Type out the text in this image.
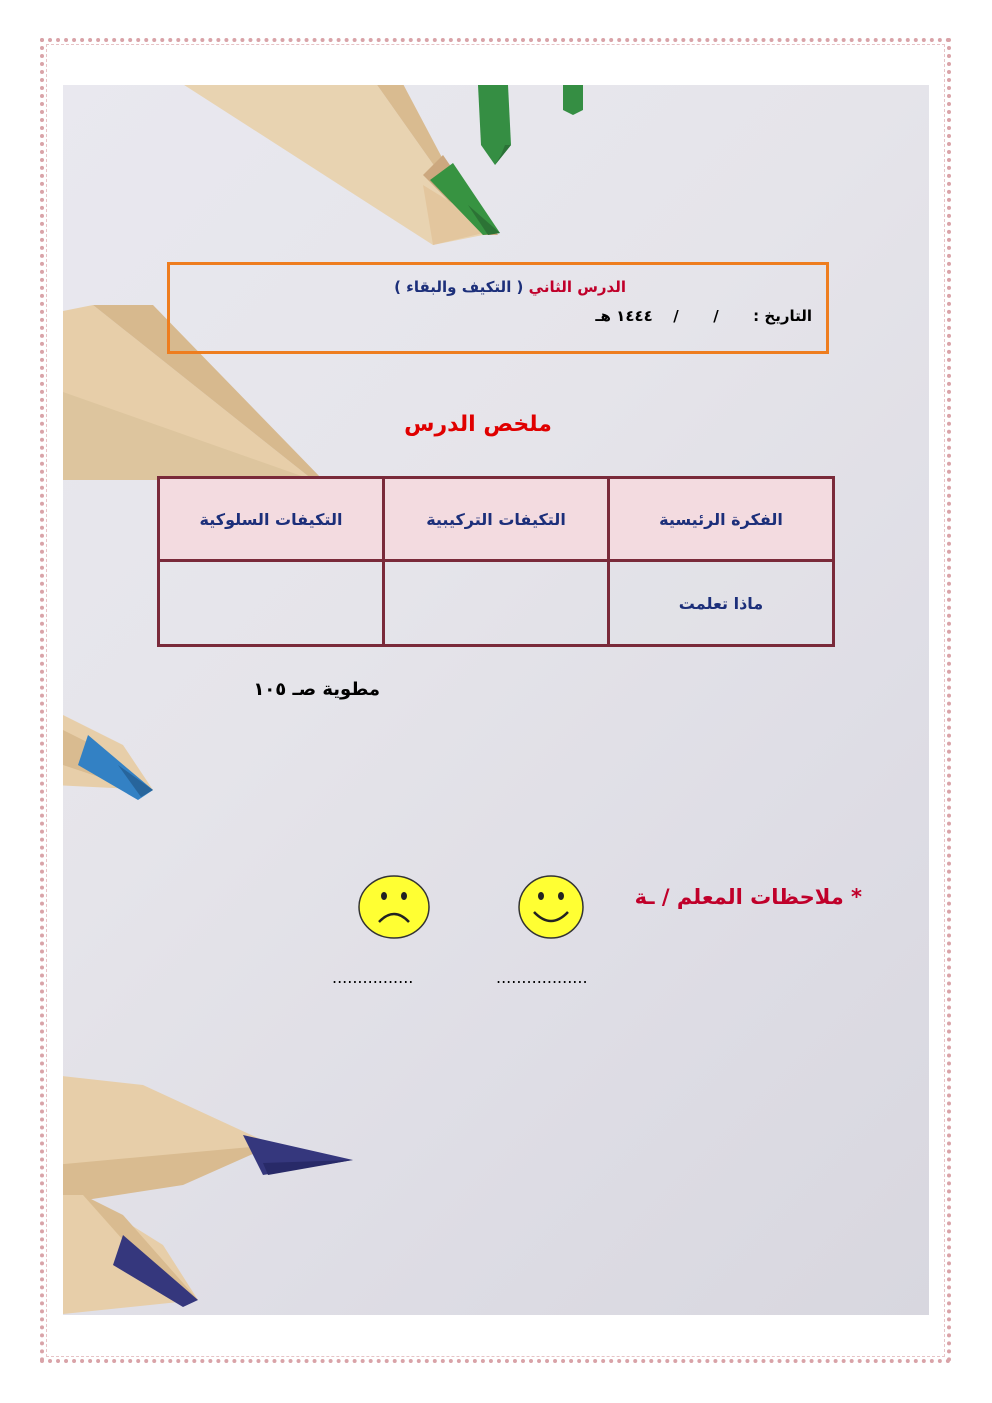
الدرس الثاني ( التكيف والبقاء )
التاريخ :  /  /  ١٤٤٤ هـ
ملخص الدرس
الفكرة الرئيسية	التكيفات التركيبية	التكيفات السلوكية
ماذا تعلمت		
مطوية صـ ١٠٥
* ملاحظات المعلم / ـة
..................
................
